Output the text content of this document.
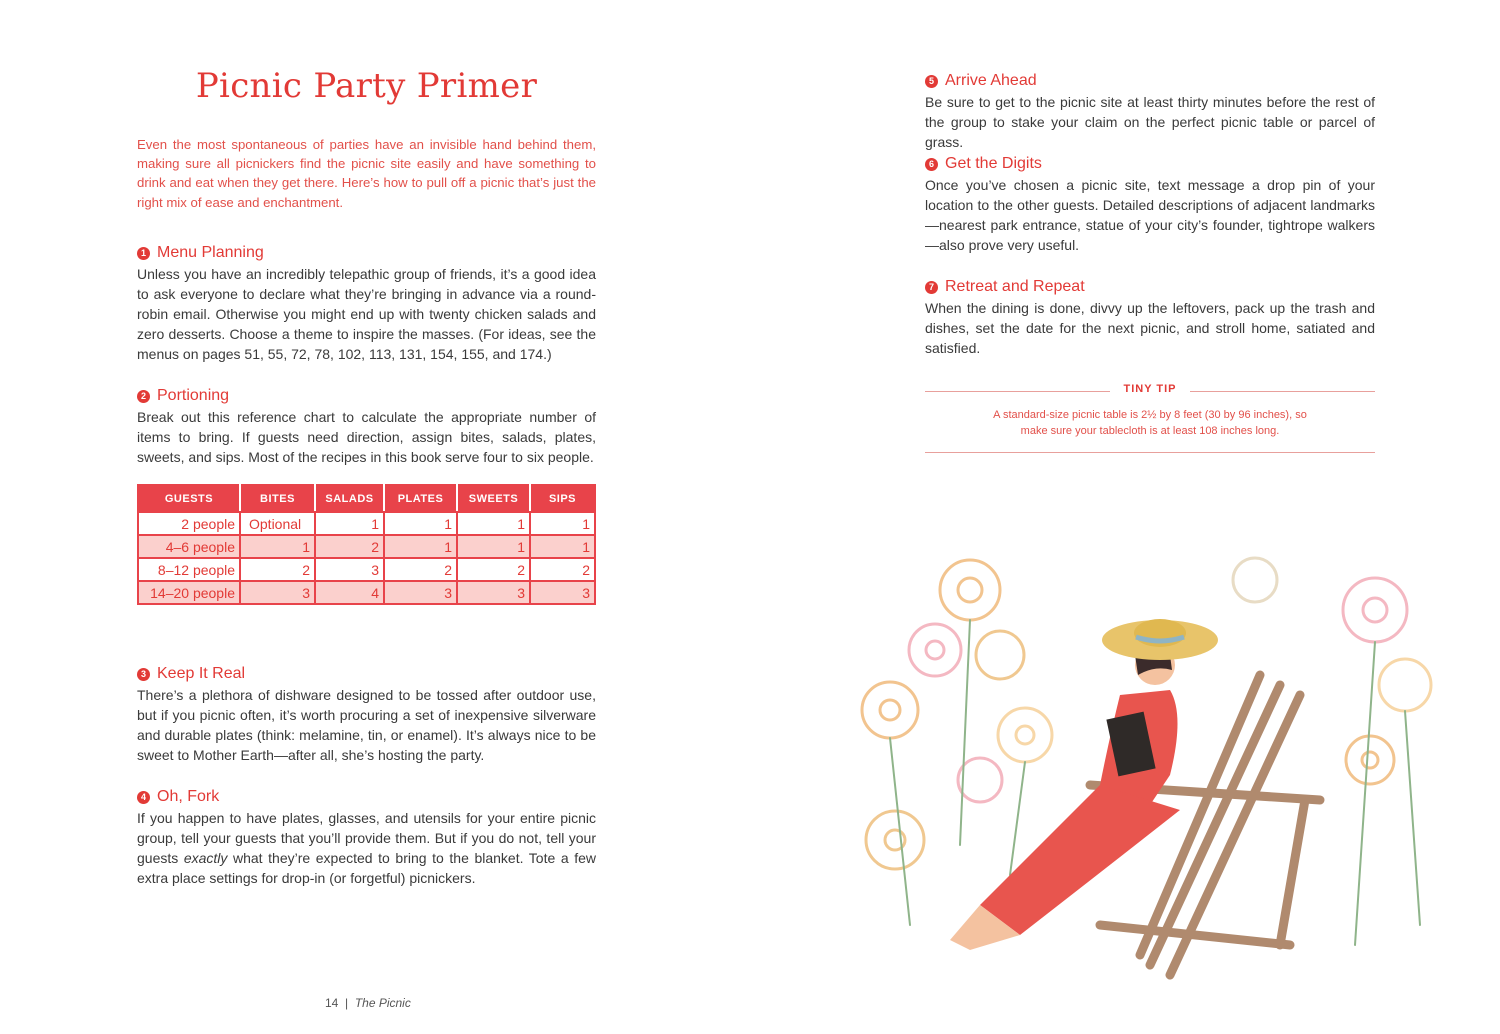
Picnic Party Primer
Even the most spontaneous of parties have an invisible hand behind them, making sure all picnickers find the picnic site easily and have something to drink and eat when they get there. Here’s how to pull off a picnic that’s just the right mix of ease and enchantment.
1 Menu Planning
Unless you have an incredibly telepathic group of friends, it’s a good idea to ask everyone to declare what they’re bringing in advance via a round-robin email. Otherwise you might end up with twenty chicken salads and zero desserts. Choose a theme to inspire the masses. (For ideas, see the menus on pages 51, 55, 72, 78, 102, 113, 131, 154, 155, and 174.)
2 Portioning
Break out this reference chart to calculate the appropriate number of items to bring. If guests need direction, assign bites, salads, plates, sweets, and sips. Most of the recipes in this book serve four to six people.
GUESTS	BITES	SALADS	PLATES	SWEETS	SIPS
2 people	Optional	1	1	1	1
4–6 people	1	2	1	1	1
8–12 people	2	3	2	2	2
14–20 people	3	4	3	3	3
3 Keep It Real
There’s a plethora of dishware designed to be tossed after outdoor use, but if you picnic often, it’s worth procuring a set of inexpensive silverware and durable plates (think: melamine, tin, or enamel). It’s always nice to be sweet to Mother Earth—after all, she’s hosting the party.
4 Oh, Fork
If you happen to have plates, glasses, and utensils for your entire picnic group, tell your guests that you’ll provide them. But if you do not, tell your guests exactly what they’re expected to bring to the blanket. Tote a few extra place settings for drop-in (or forgetful) picnickers.
14  |  The Picnic
5 Arrive Ahead
Be sure to get to the picnic site at least thirty minutes before the rest of the group to stake your claim on the perfect picnic table or parcel of grass.
6 Get the Digits
Once you’ve chosen a picnic site, text message a drop pin of your location to the other guests. Detailed descriptions of adjacent landmarks—nearest park entrance, statue of your city’s founder, tightrope walkers—also prove very useful.
7 Retreat and Repeat
When the dining is done, divvy up the leftovers, pack up the trash and dishes, set the date for the next picnic, and stroll home, satiated and satisfied.
TINY TIP
A standard-size picnic table is 2½ by 8 feet (30 by 96 inches), so
make sure your tablecloth is at least 108 inches long.
